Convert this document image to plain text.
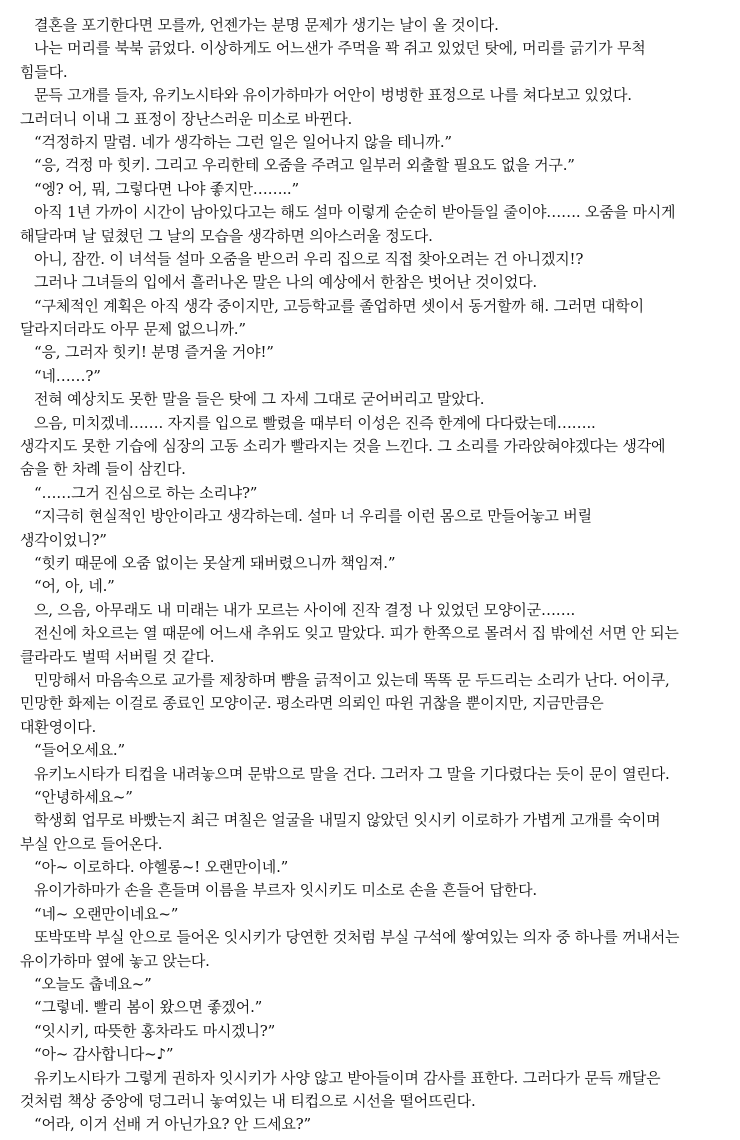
결혼을 포기한다면 모를까, 언젠가는 분명 문제가 생기는 날이 올 것이다.
나는 머리를 북북 긁었다. 이상하게도 어느샌가 주먹을 꽉 쥐고 있었던 탓에, 머리를 긁기가 무척
힘들다.
문득 고개를 들자, 유키노시타와 유이가하마가 어안이 벙벙한 표정으로 나를 쳐다보고 있었다.
그러더니 이내 그 표정이 장난스러운 미소로 바뀐다.
“걱정하지 말렴. 네가 생각하는 그런 일은 일어나지 않을 테니까.”
“응, 걱정 마 힛키. 그리고 우리한테 오줌을 주려고 일부러 외출할 필요도 없을 거구.”
“엥? 어, 뭐, 그렇다면 나야 좋지만……..”
아직 1년 가까이 시간이 남아있다고는 해도 설마 이렇게 순순히 받아들일 줄이야……. 오줌을 마시게
해달라며 날 덮쳤던 그 날의 모습을 생각하면 의아스러울 정도다.
아니, 잠깐. 이 녀석들 설마 오줌을 받으러 우리 집으로 직접 찾아오려는 건 아니겠지!?
그러나 그녀들의 입에서 흘러나온 말은 나의 예상에서 한참은 벗어난 것이었다.
“구체적인 계획은 아직 생각 중이지만, 고등학교를 졸업하면 셋이서 동거할까 해. 그러면 대학이
달라지더라도 아무 문제 없으니까.”
“응, 그러자 힛키! 분명 즐거울 거야!”
“네……?”
전혀 예상치도 못한 말을 들은 탓에 그 자세 그대로 굳어버리고 말았다.
으음, 미치겠네……. 자지를 입으로 빨렸을 때부터 이성은 진즉 한계에 다다랐는데……..
생각지도 못한 기습에 심장의 고동 소리가 빨라지는 것을 느낀다. 그 소리를 가라앉혀야겠다는 생각에
숨을 한 차례 들이 삼킨다.
“……그거 진심으로 하는 소리냐?”
“지극히 현실적인 방안이라고 생각하는데. 설마 너 우리를 이런 몸으로 만들어놓고 버릴
생각이었니?”
“힛키 때문에 오줌 없이는 못살게 돼버렸으니까 책임져.”
“어, 아, 네.”
으, 으음, 아무래도 내 미래는 내가 모르는 사이에 진작 결정 나 있었던 모양이군…….
전신에 차오르는 열 때문에 어느새 추위도 잊고 말았다. 피가 한쪽으로 몰려서 집 밖에선 서면 안 되는
클라라도 벌떡 서버릴 것 같다.
민망해서 마음속으로 교가를 제창하며 뺨을 긁적이고 있는데 똑똑 문 두드리는 소리가 난다. 어이쿠,
민망한 화제는 이걸로 종료인 모양이군. 평소라면 의뢰인 따윈 귀찮을 뿐이지만, 지금만큼은
대환영이다.
“들어오세요.”
유키노시타가 티컵을 내려놓으며 문밖으로 말을 건다. 그러자 그 말을 기다렸다는 듯이 문이 열린다.
“안녕하세요~”
학생회 업무로 바빴는지 최근 며칠은 얼굴을 내밀지 않았던 잇시키 이로하가 가볍게 고개를 숙이며
부실 안으로 들어온다.
“아~ 이로하다. 야헬롱~! 오랜만이네.”
유이가하마가 손을 흔들며 이름을 부르자 잇시키도 미소로 손을 흔들어 답한다.
“네~ 오랜만이네요~”
또박또박 부실 안으로 들어온 잇시키가 당연한 것처럼 부실 구석에 쌓여있는 의자 중 하나를 꺼내서는
유이가하마 옆에 놓고 앉는다.
“오늘도 춥네요~”
“그렇네. 빨리 봄이 왔으면 좋겠어.”
“잇시키, 따뜻한 홍차라도 마시겠니?”
“아~ 감사합니다~♪”
유키노시타가 그렇게 권하자 잇시키가 사양 않고 받아들이며 감사를 표한다. 그러다가 문득 깨달은
것처럼 책상 중앙에 덩그러니 놓여있는 내 티컵으로 시선을 떨어뜨린다.
“어라, 이거 선배 거 아닌가요? 안 드세요?”
